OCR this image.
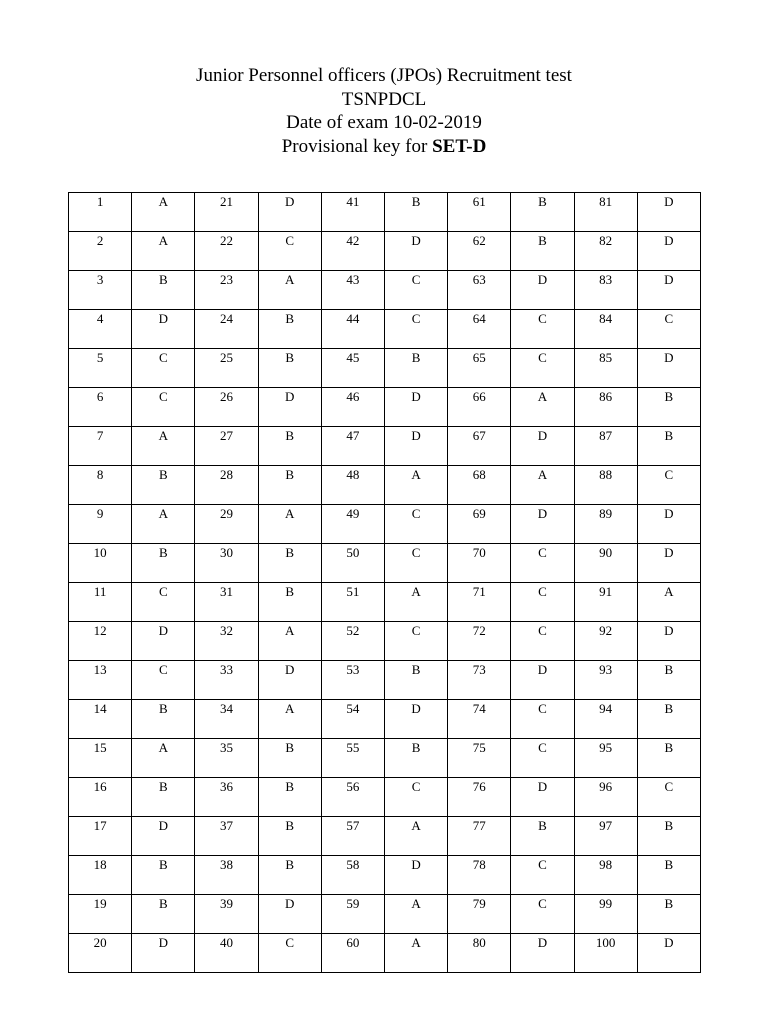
Junior Personnel officers (JPOs) Recruitment test
TSNPDCL
Date of exam 10-02-2019
Provisional key for SET-D
1	A	21	D	41	B	61	B	81	D
2	A	22	C	42	D	62	B	82	D
3	B	23	A	43	C	63	D	83	D
4	D	24	B	44	C	64	C	84	C
5	C	25	B	45	B	65	C	85	D
6	C	26	D	46	D	66	A	86	B
7	A	27	B	47	D	67	D	87	B
8	B	28	B	48	A	68	A	88	C
9	A	29	A	49	C	69	D	89	D
10	B	30	B	50	C	70	C	90	D
11	C	31	B	51	A	71	C	91	A
12	D	32	A	52	C	72	C	92	D
13	C	33	D	53	B	73	D	93	B
14	B	34	A	54	D	74	C	94	B
15	A	35	B	55	B	75	C	95	B
16	B	36	B	56	C	76	D	96	C
17	D	37	B	57	A	77	B	97	B
18	B	38	B	58	D	78	C	98	B
19	B	39	D	59	A	79	C	99	B
20	D	40	C	60	A	80	D	100	D
